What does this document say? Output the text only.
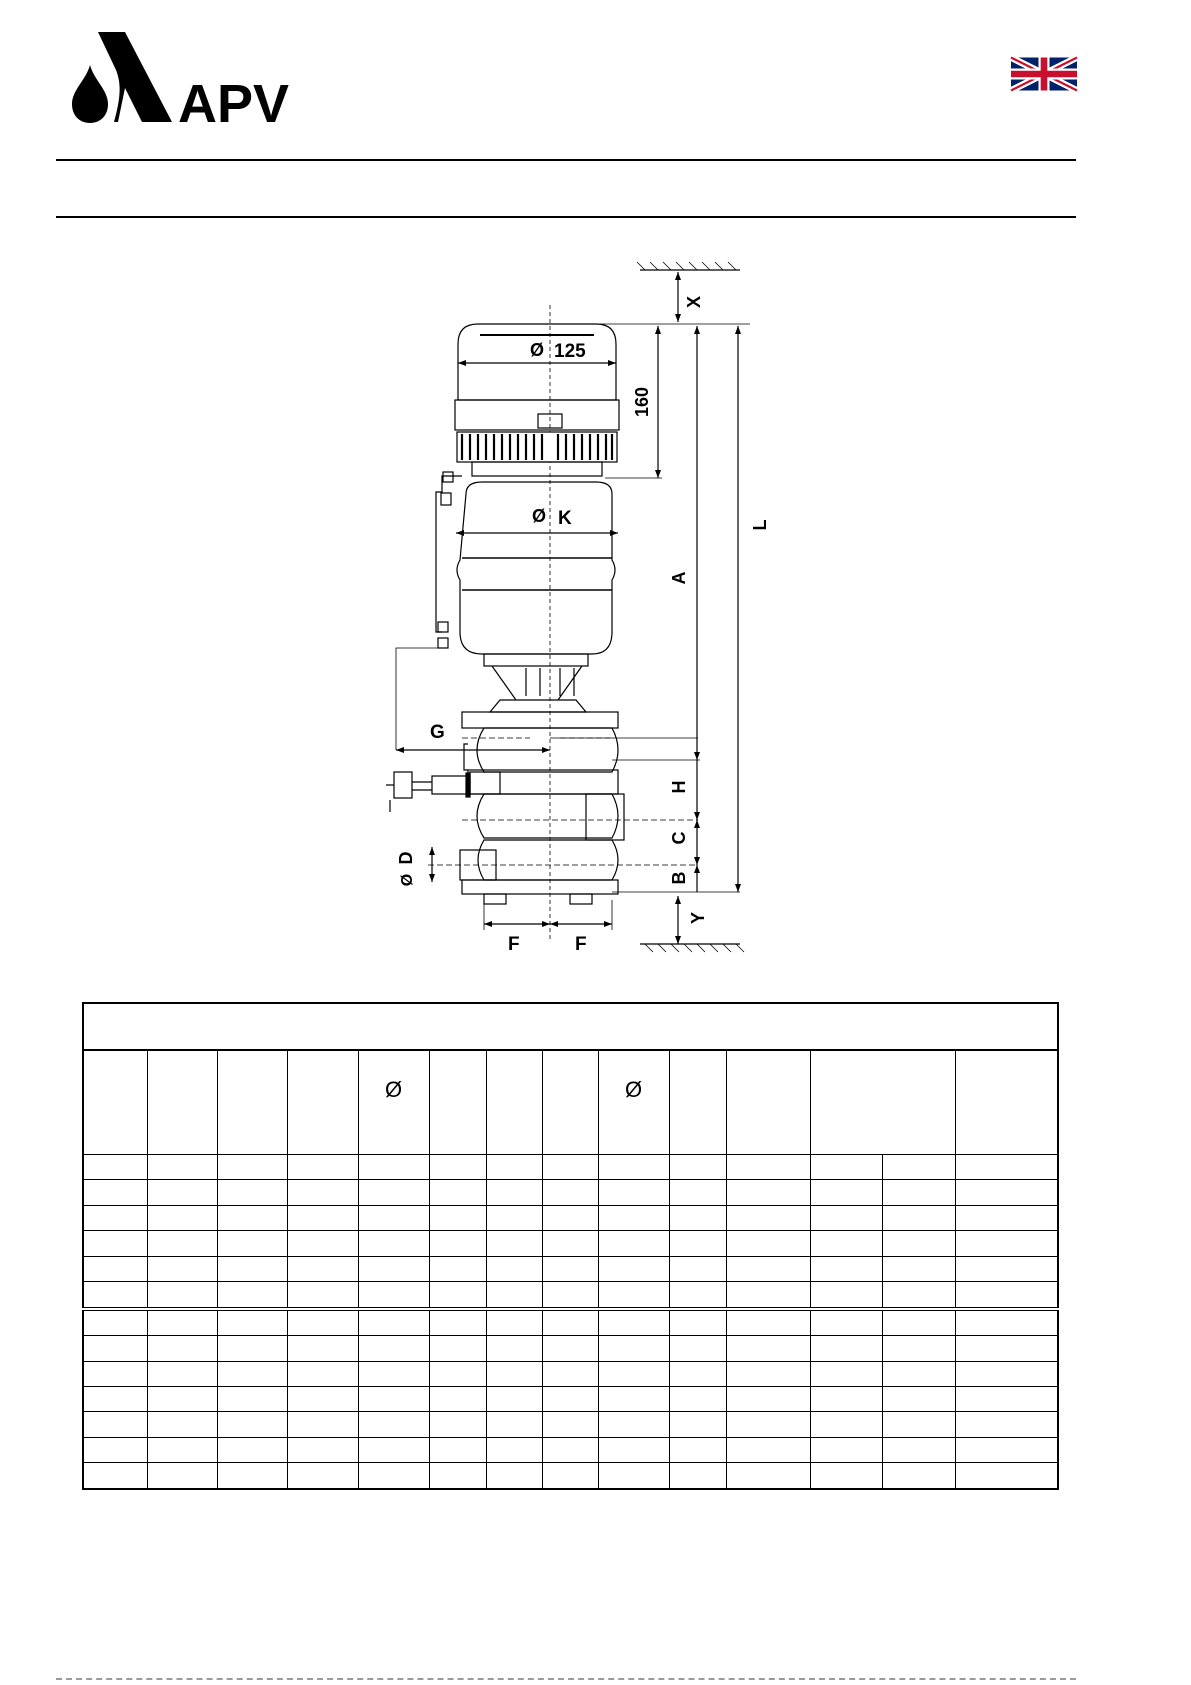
APV
X
L
A
160
H
C
B
Y
G
125
Ø
K
Ø
D
Ø
F	F

				Ø				Ø					
